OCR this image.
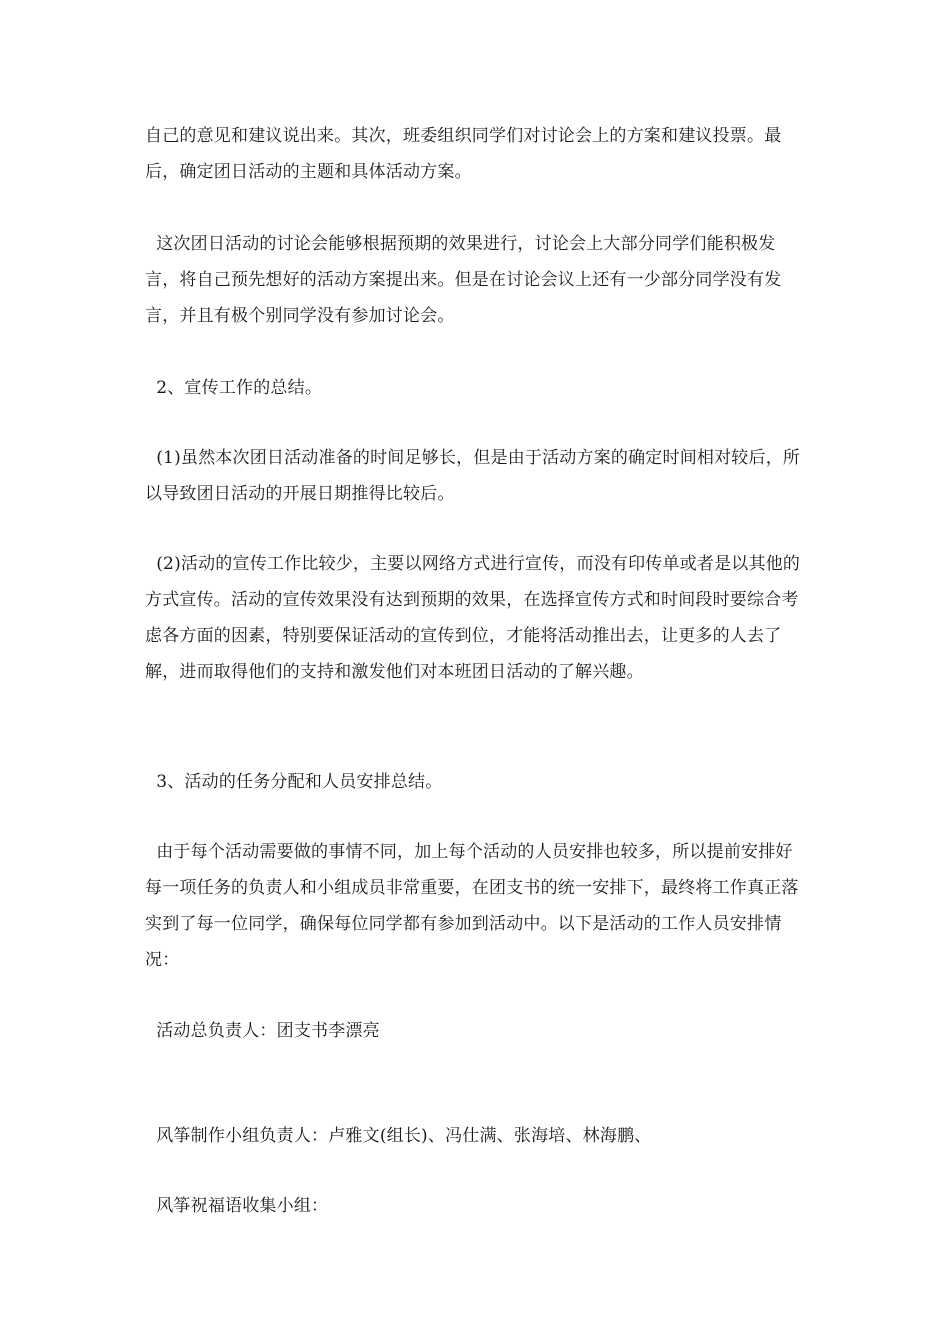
自己的意见和建议说出来。其次，班委组织同学们对讨论会上的方案和建议投票。最后，确定团日活动的主题和具体活动方案。

这次团日活动的讨论会能够根据预期的效果进行，讨论会上大部分同学们能积极发言，将自己预先想好的活动方案提出来。但是在讨论会议上还有一少部分同学没有发言，并且有极个别同学没有参加讨论会。

2、宣传工作的总结。

(1)虽然本次团日活动准备的时间足够长，但是由于活动方案的确定时间相对较后，所以导致团日活动的开展日期推得比较后。

(2)活动的宣传工作比较少，主要以网络方式进行宣传，而没有印传单或者是以其他的方式宣传。活动的宣传效果没有达到预期的效果，在选择宣传方式和时间段时要综合考虑各方面的因素，特别要保证活动的宣传到位，才能将活动推出去，让更多的人去了解，进而取得他们的支持和激发他们对本班团日活动的了解兴趣。

3、活动的任务分配和人员安排总结。

由于每个活动需要做的事情不同，加上每个活动的人员安排也较多，所以提前安排好每一项任务的负责人和小组成员非常重要，在团支书的统一安排下，最终将工作真正落实到了每一位同学，确保每位同学都有参加到活动中。以下是活动的工作人员安排情况：

活动总负责人：团支书李漂亮

风筝制作小组负责人：卢雅文(组长)、冯仕满、张海培、林海鹏、

风筝祝福语收集小组：
